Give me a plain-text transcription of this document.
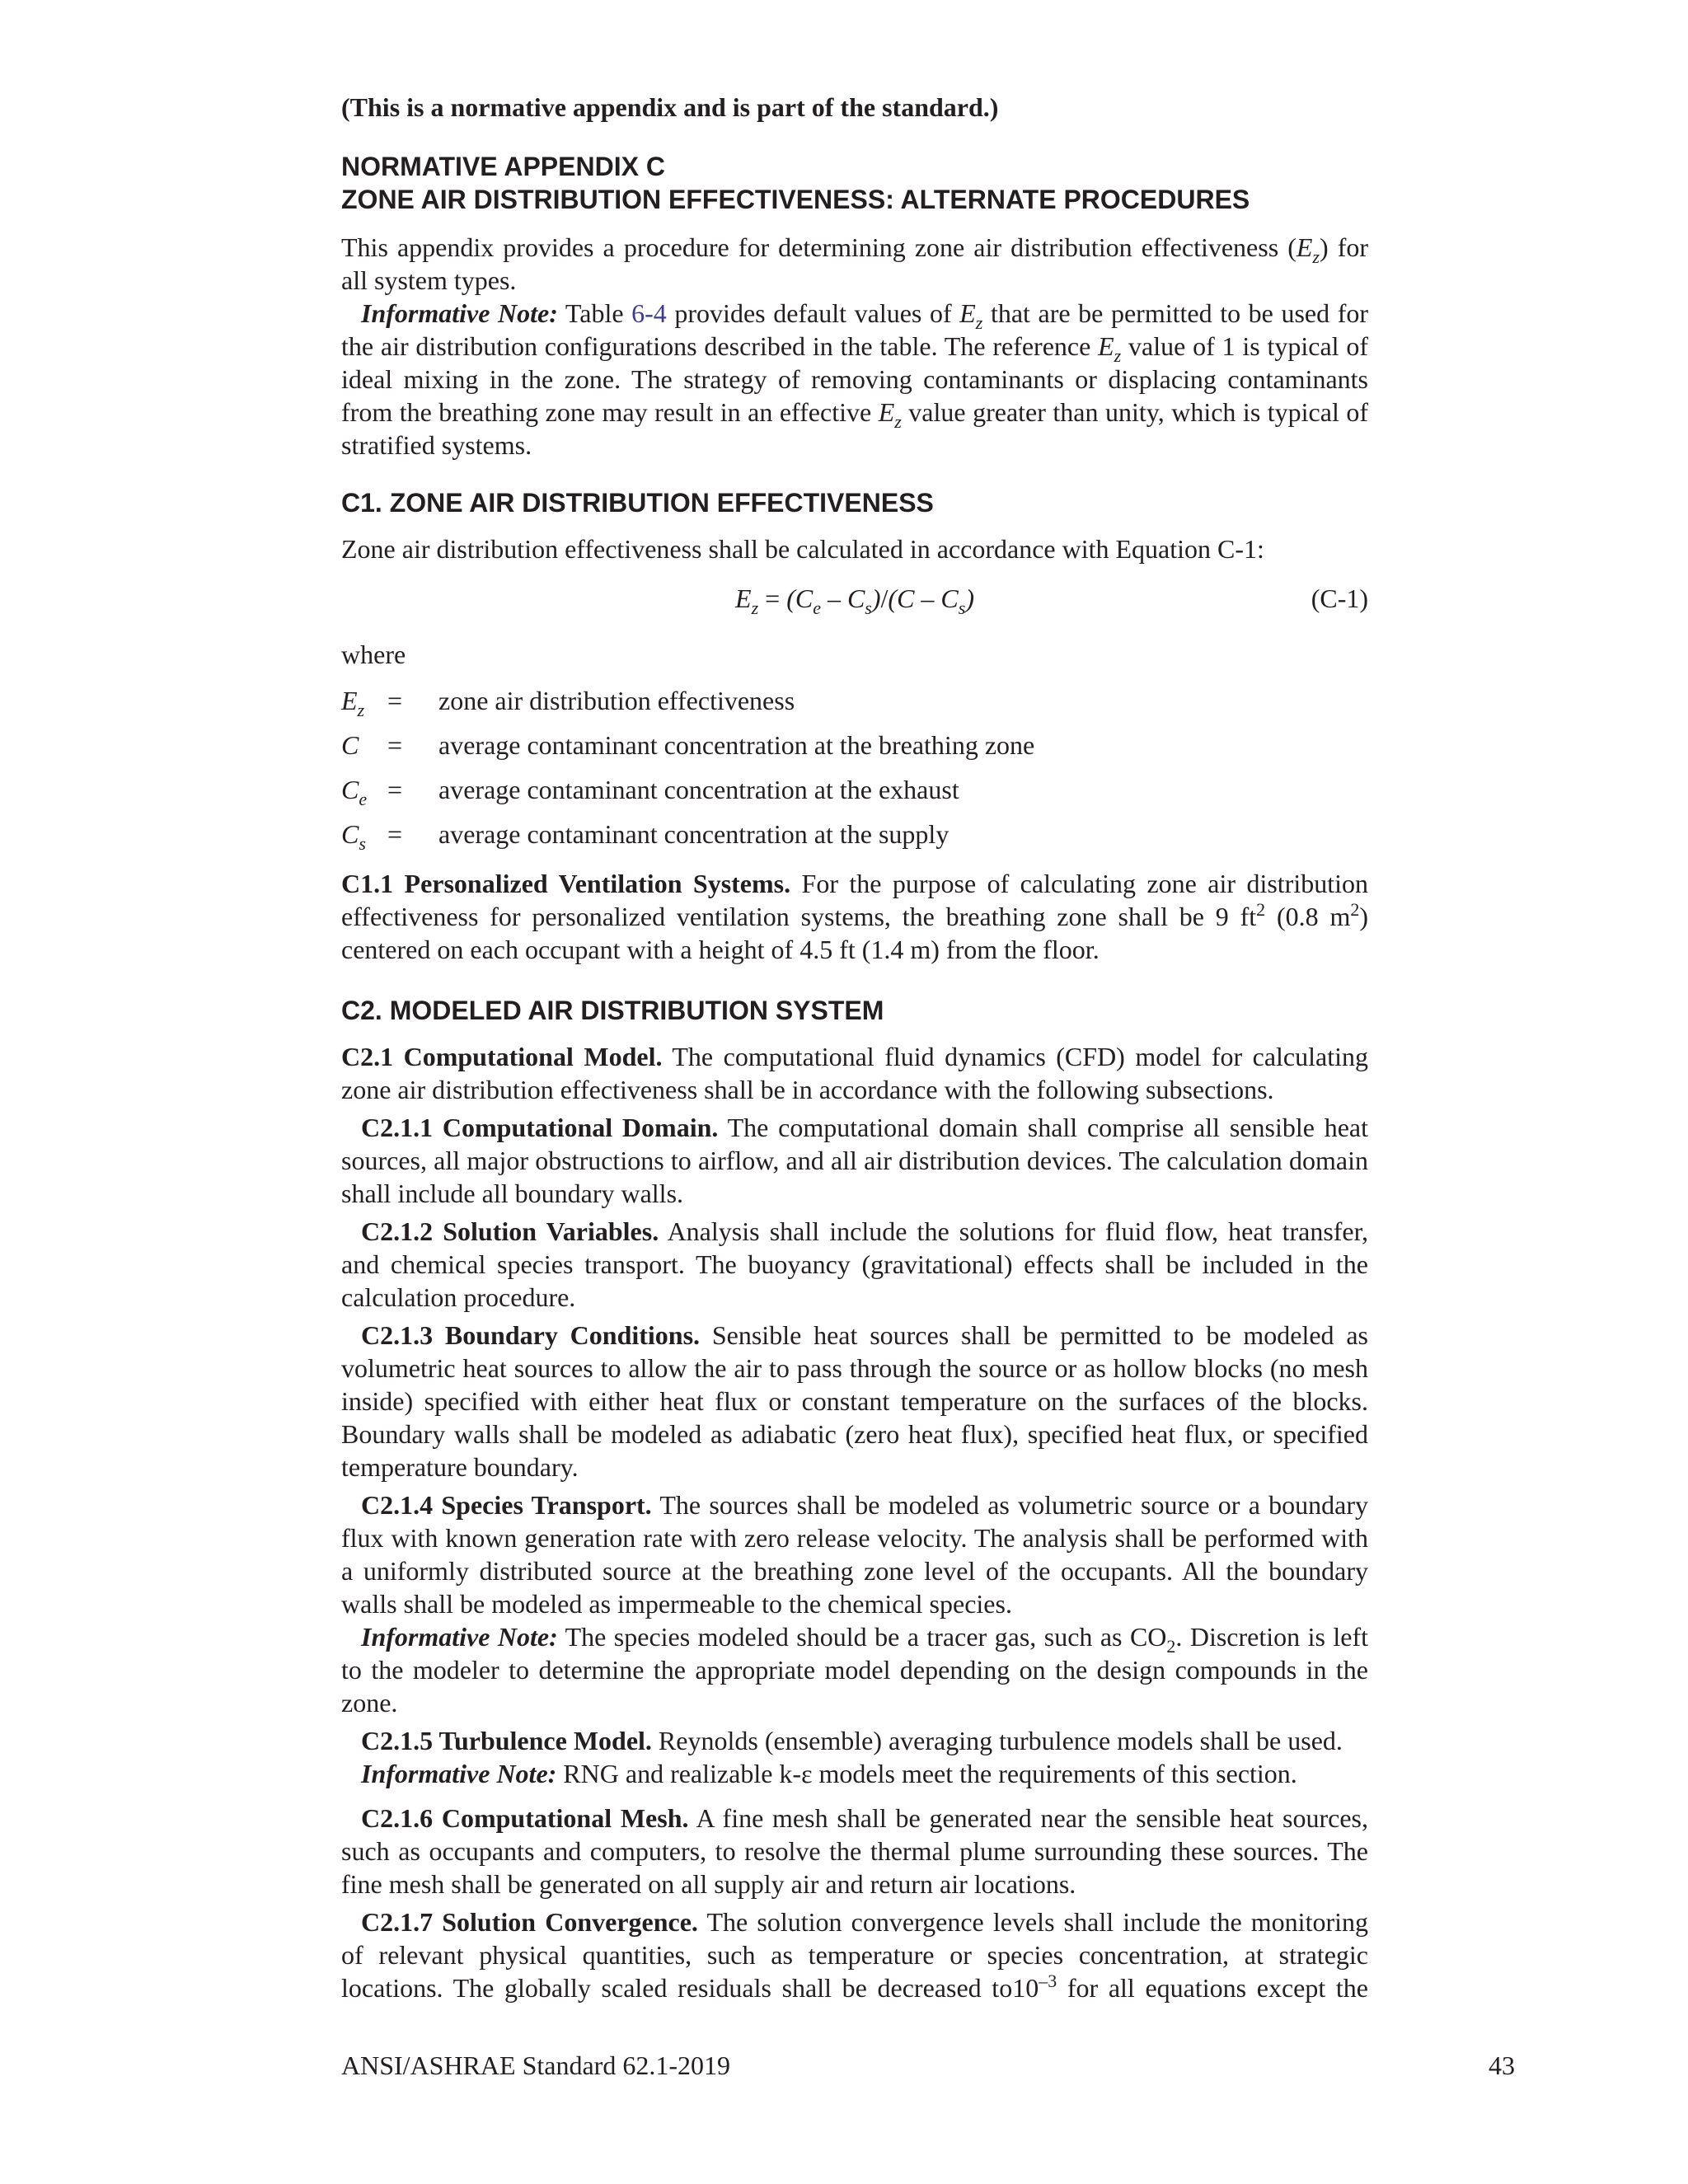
(This is a normative appendix and is part of the standard.)

NORMATIVE APPENDIX C
ZONE AIR DISTRIBUTION EFFECTIVENESS: ALTERNATE PROCEDURES

This appendix provides a procedure for determining zone air distribution effectiveness $(E_z)$ for all system types.

Informative Note: Table 6-4 provides default values of $E_z$ that are be permitted to be used for the air distribution configurations described in the table. The reference $E_z$ value of 1 is typical of ideal mixing in the zone. The strategy of removing contaminants or displacing contaminants from the breathing zone may result in an effective $E_z$ value greater than unity, which is typical of stratified systems.

C1. ZONE AIR DISTRIBUTION EFFECTIVENESS

Zone air distribution effectiveness shall be calculated in accordance with Equation C-1:

$E_z = (C_e - C_s)/(C - C_s)$	(C-1)

where

$E_z$ = zone air distribution effectiveness
C = average contaminant concentration at the breathing zone
$C_e$ = average contaminant concentration at the exhaust
$C_s$ = average contaminant concentration at the supply

C1.1 Personalized Ventilation Systems. For the purpose of calculating zone air distribution effectiveness for personalized ventilation systems, the breathing zone shall be 9 $ft^2$ (0.8 $m^2$) centered on each occupant with a height of 4.5 ft (1.4 m) from the floor.

C2. MODELED AIR DISTRIBUTION SYSTEM

C2.1 Computational Model. The computational fluid dynamics (CFD) model for calculating zone air distribution effectiveness shall be in accordance with the following subsections.

C2.1.1 Computational Domain. The computational domain shall comprise all sensible heat sources, all major obstructions to airflow, and all air distribution devices. The calculation domain shall include all boundary walls.

C2.1.2 Solution Variables. Analysis shall include the solutions for fluid flow, heat transfer, and chemical species transport. The buoyancy (gravitational) effects shall be included in the calculation procedure.

C2.1.3 Boundary Conditions. Sensible heat sources shall be permitted to be modeled as volumetric heat sources to allow the air to pass through the source or as hollow blocks (no mesh inside) specified with either heat flux or constant temperature on the surfaces of the blocks. Boundary walls shall be modeled as adiabatic (zero heat flux), specified heat flux, or specified temperature boundary.

C2.1.4 Species Transport. The sources shall be modeled as volumetric source or a boundary flux with known generation rate with zero release velocity. The analysis shall be performed with a uniformly distributed source at the breathing zone level of the occupants. All the boundary walls shall be modeled as impermeable to the chemical species.

Informative Note: The species modeled should be a tracer gas, such as $CO_2$. Discretion is left to the modeler to determine the appropriate model depending on the design compounds in the zone.

C2.1.5 Turbulence Model. Reynolds (ensemble) averaging turbulence models shall be used.

Informative Note: RNG and realizable k-ε models meet the requirements of this section.

C2.1.6 Computational Mesh. A fine mesh shall be generated near the sensible heat sources, such as occupants and computers, to resolve the thermal plume surrounding these sources. The fine mesh shall be generated on all supply air and return air locations.

C2.1.7 Solution Convergence. The solution convergence levels shall include the monitoring of relevant physical quantities, such as temperature or species concentration, at strategic locations. The globally scaled residuals shall be decreased $to10^{-3}$ for all equations except the

ANSI/ASHRAE Standard 62.1-2019	43
